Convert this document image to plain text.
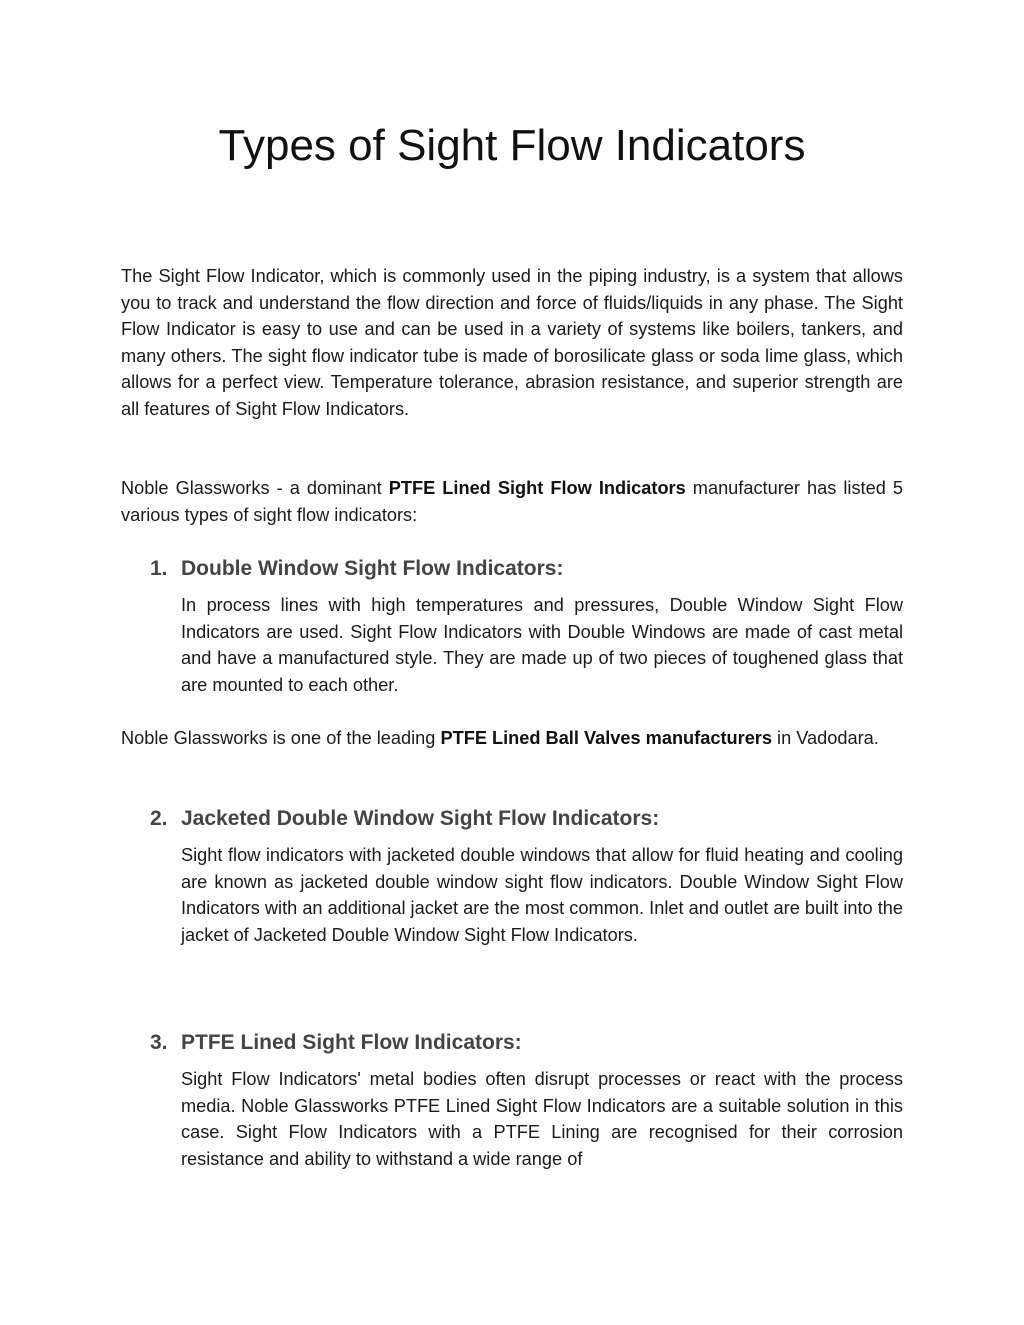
Types of Sight Flow Indicators

The Sight Flow Indicator, which is commonly used in the piping industry, is a system that allows you to track and understand the flow direction and force of fluids/liquids in any phase. The Sight Flow Indicator is easy to use and can be used in a variety of systems like boilers, tankers, and many others. The sight flow indicator tube is made of borosilicate glass or soda lime glass, which allows for a perfect view. Temperature tolerance, abrasion resistance, and superior strength are all features of Sight Flow Indicators.

Noble Glassworks - a dominant PTFE Lined Sight Flow Indicators manufacturer has listed 5 various types of sight flow indicators:

1. Double Window Sight Flow Indicators:

In process lines with high temperatures and pressures, Double Window Sight Flow Indicators are used. Sight Flow Indicators with Double Windows are made of cast metal and have a manufactured style. They are made up of two pieces of toughened glass that are mounted to each other.

Noble Glassworks is one of the leading PTFE Lined Ball Valves manufacturers in Vadodara.

2. Jacketed Double Window Sight Flow Indicators:

Sight flow indicators with jacketed double windows that allow for fluid heating and cooling are known as jacketed double window sight flow indicators. Double Window Sight Flow Indicators with an additional jacket are the most common. Inlet and outlet are built into the jacket of Jacketed Double Window Sight Flow Indicators.

3. PTFE Lined Sight Flow Indicators:

Sight Flow Indicators' metal bodies often disrupt processes or react with the process media. Noble Glassworks PTFE Lined Sight Flow Indicators are a suitable solution in this case. Sight Flow Indicators with a PTFE Lining are recognised for their corrosion resistance and ability to withstand a wide range of
